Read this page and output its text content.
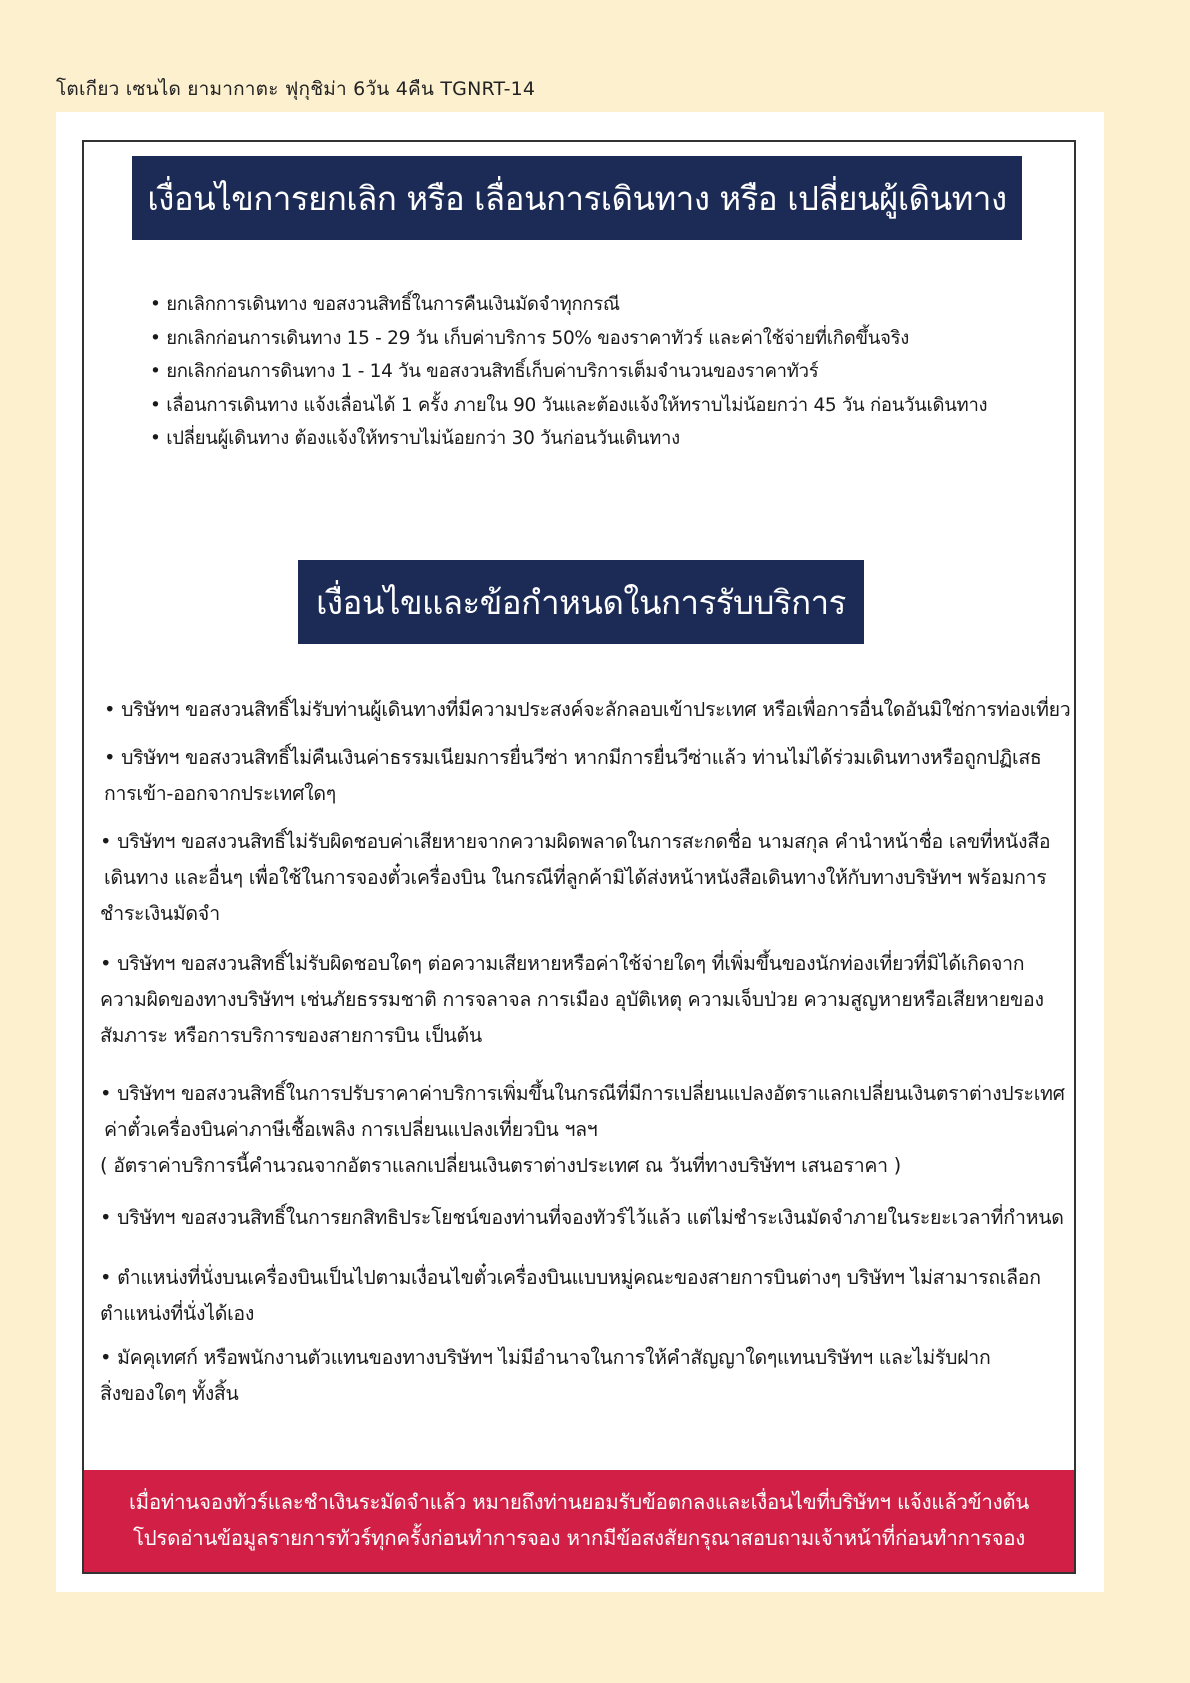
โตเกียว เซนได ยามากาตะ ฟุกุชิม่า 6วัน 4คืน TGNRT-14
เงื่อนไขการยกเลิก หรือ เลื่อนการเดินทาง หรือ เปลี่ยนผู้เดินทาง
• ยกเลิกการเดินทาง ขอสงวนสิทธิ์ในการคืนเงินมัดจำทุกกรณี
• ยกเลิกก่อนการเดินทาง 15 - 29 วัน เก็บค่าบริการ 50% ของราคาทัวร์ และค่าใช้จ่ายที่เกิดขึ้นจริง
• ยกเลิกก่อนการดินทาง 1 - 14 วัน ขอสงวนสิทธิ์เก็บค่าบริการเต็มจำนวนของราคาทัวร์
• เลื่อนการเดินทาง แจ้งเลื่อนได้ 1 ครั้ง ภายใน 90 วันและต้องแจ้งให้ทราบไม่น้อยกว่า 45 วัน ก่อนวันเดินทาง
• เปลี่ยนผู้เดินทาง ต้องแจ้งให้ทราบไม่น้อยกว่า 30 วันก่อนวันเดินทาง
เงื่อนไขและข้อกำหนดในการรับบริการ
• บริษัทฯ ขอสงวนสิทธิ์ไม่รับท่านผู้เดินทางที่มีความประสงค์จะลักลอบเข้าประเทศ หรือเพื่อการอื่นใดอันมิใช่การท่องเที่ยว
• บริษัทฯ ขอสงวนสิทธิ์ไม่คืนเงินค่าธรรมเนียมการยื่นวีซ่า หากมีการยื่นวีซ่าแล้ว ท่านไม่ได้ร่วมเดินทางหรือถูกปฏิเสธ
การเข้า-ออกจากประเทศใดๆ
• บริษัทฯ ขอสงวนสิทธิ์ไม่รับผิดชอบค่าเสียหายจากความผิดพลาดในการสะกดชื่อ นามสกุล คำนำหน้าชื่อ เลขที่หนังสือ
เดินทาง และอื่นๆ เพื่อใช้ในการจองตั๋วเครื่องบิน ในกรณีที่ลูกค้ามิได้ส่งหน้าหนังสือเดินทางให้กับทางบริษัทฯ พร้อมการ
ชำระเงินมัดจำ
• บริษัทฯ ขอสงวนสิทธิ์ไม่รับผิดชอบใดๆ ต่อความเสียหายหรือค่าใช้จ่ายใดๆ ที่เพิ่มขึ้นของนักท่องเที่ยวที่มิได้เกิดจาก
ความผิดของทางบริษัทฯ เช่นภัยธรรมชาติ การจลาจล การเมือง อุบัติเหตุ ความเจ็บป่วย ความสูญหายหรือเสียหายของ
สัมภาระ หรือการบริการของสายการบิน เป็นต้น
• บริษัทฯ ขอสงวนสิทธิ์ในการปรับราคาค่าบริการเพิ่มขึ้นในกรณีที่มีการเปลี่ยนแปลงอัตราแลกเปลี่ยนเงินตราต่างประเทศ
ค่าตั๋วเครื่องบินค่าภาษีเชื้อเพลิง การเปลี่ยนแปลงเที่ยวบิน ฯลฯ
( อัตราค่าบริการนี้คำนวณจากอัตราแลกเปลี่ยนเงินตราต่างประเทศ ณ วันที่ทางบริษัทฯ เสนอราคา )
• บริษัทฯ ขอสงวนสิทธิ์ในการยกสิทธิประโยชน์ของท่านที่จองทัวร์ไว้แล้ว แต่ไม่ชำระเงินมัดจำภายในระยะเวลาที่กำหนด
• ตำแหน่งที่นั่งบนเครื่องบินเป็นไปตามเงื่อนไขตั๋วเครื่องบินแบบหมู่คณะของสายการบินต่างๆ บริษัทฯ ไม่สามารถเลือก
ตำแหน่งที่นั่งได้เอง
• มัคคุเทศก์ หรือพนักงานตัวแทนของทางบริษัทฯ ไม่มีอำนาจในการให้คำสัญญาใดๆแทนบริษัทฯ และไม่รับฝาก
สิ่งของใดๆ ทั้งสิ้น
เมื่อท่านจองทัวร์และชำเงินระมัดจำแล้ว หมายถึงท่านยอมรับข้อตกลงและเงื่อนไขที่บริษัทฯ แจ้งแล้วข้างต้น
โปรดอ่านข้อมูลรายการทัวร์ทุกครั้งก่อนทำการจอง หากมีข้อสงสัยกรุณาสอบถามเจ้าหน้าที่ก่อนทำการจอง
